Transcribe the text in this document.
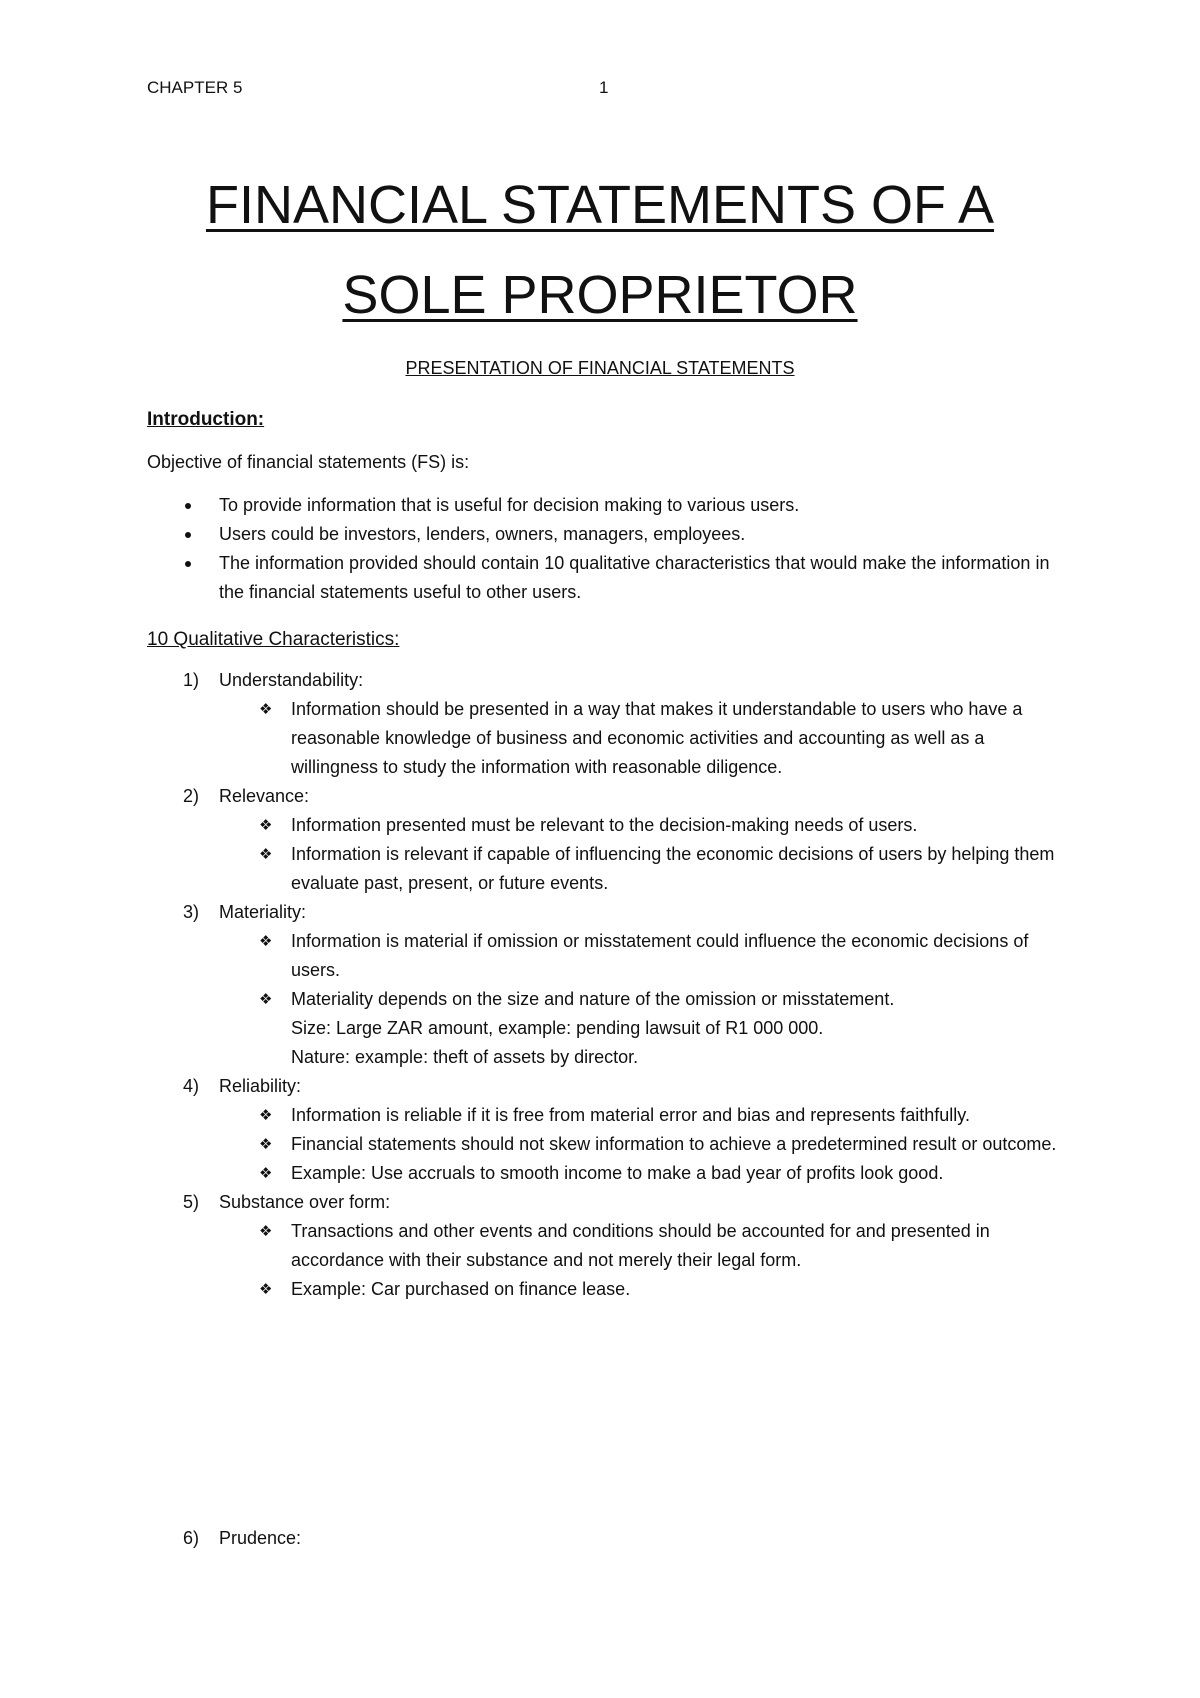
CHAPTER 5	1
FINANCIAL STATEMENTS OF A
SOLE PROPRIETOR

PRESENTATION OF FINANCIAL STATEMENTS

Introduction:

Objective of financial statements (FS) is:

To provide information that is useful for decision making to various users.
Users could be investors, lenders, owners, managers, employees.
The information provided should contain 10 qualitative characteristics that would make the information in the financial statements useful to other users.

10 Qualitative Characteristics:

1) Understandability:
❖ Information should be presented in a way that makes it understandable to users who have a reasonable knowledge of business and economic activities and accounting as well as a willingness to study the information with reasonable diligence.
2) Relevance:
❖ Information presented must be relevant to the decision-making needs of users.
❖ Information is relevant if capable of influencing the economic decisions of users by helping them evaluate past, present, or future events.
3) Materiality:
❖ Information is material if omission or misstatement could influence the economic decisions of users.
❖ Materiality depends on the size and nature of the omission or misstatement.
Size: Large ZAR amount, example: pending lawsuit of R1 000 000.
Nature: example: theft of assets by director.
4) Reliability:
❖ Information is reliable if it is free from material error and bias and represents faithfully.
❖ Financial statements should not skew information to achieve a predetermined result or outcome.
❖ Example: Use accruals to smooth income to make a bad year of profits look good.
5) Substance over form:
❖ Transactions and other events and conditions should be accounted for and presented in accordance with their substance and not merely their legal form.
❖ Example: Car purchased on finance lease.
6) Prudence:
